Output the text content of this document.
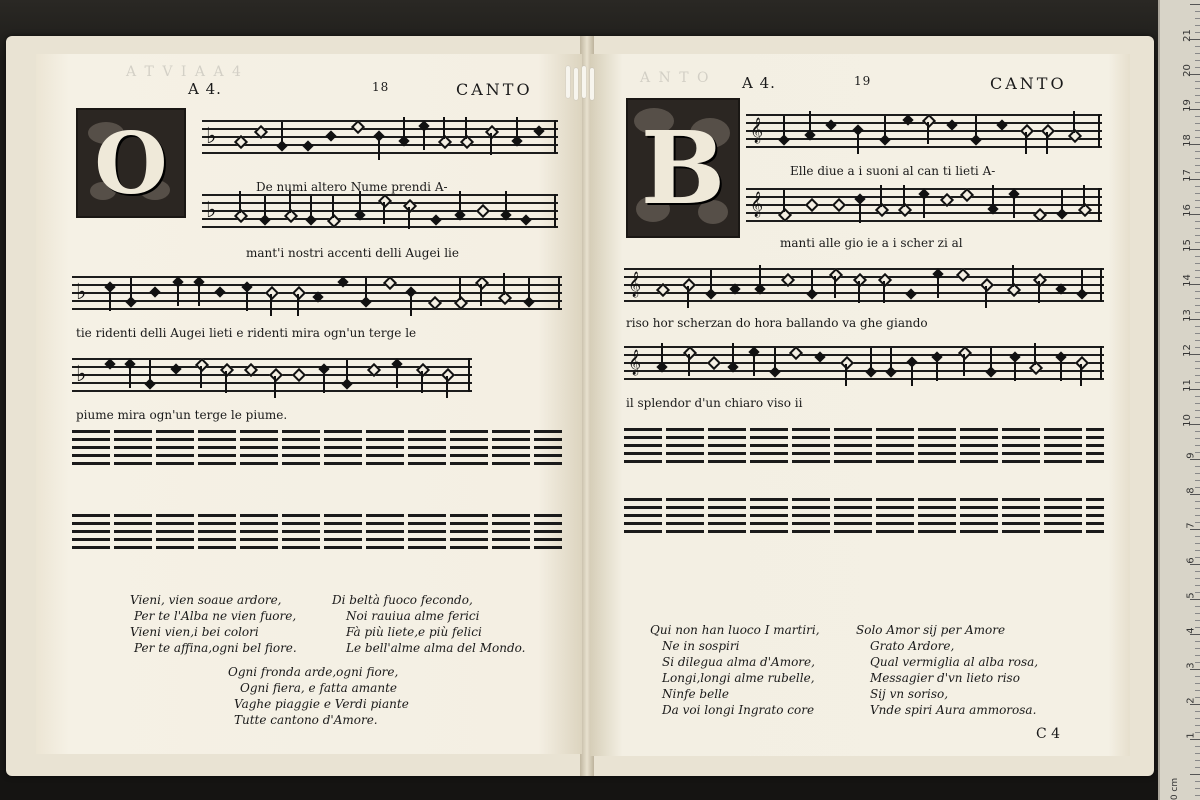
A T V I A A 4
A 4.	18	CANTO
O	♭
♭
♭
♭
De numi altero Nume prendi A-
mant'i nostri accenti delli Augei lie
tie ridenti delli Augei lieti e ridenti mira ogn'un terge le
piume mira ogn'un terge le piume.
Vieni, vien soaue ardore,
Per te l'Alba ne vien fuore,
Vieni vien,i bei colori
Per te affina,ogni bel fiore.
Di beltà fuoco fecondo,
Noi rauiua alme ferici
Fà più liete,e più felici
Le bell'alme alma del Mondo.
Ogni fronda arde,ogni fiore,
Ogni fiera, e fatta amante
Vaghe piaggie e Verdi piante
Tutte cantono d'Amore.
A N T O A 4.	19	CANTO
B	𝄞
𝄞
𝄞
𝄞
Elle diue a i suoni al can ti lieti A-
manti alle gio ie a i scher zi al
riso hor scherzan do hora ballando va ghe giando
il splendor d'un chiaro viso ii
Qui non han luoco I martiri,
Ne in sospiri
Si dilegua alma d'Amore,
Longi,longi alme rubelle,
Ninfe belle
Da voi longi Ingrato core
Solo Amor sij per Amore
Grato Ardore,
Qual vermiglia al alba rosa,
Messagier d'vn lieto riso
Sij vn soriso,
Vnde spiri Aura ammorosa.
C 4
0 cm
1
2
3
4
5
6
7
8
9
10
11
12
13
14
15
16
17
18
19
20
21
